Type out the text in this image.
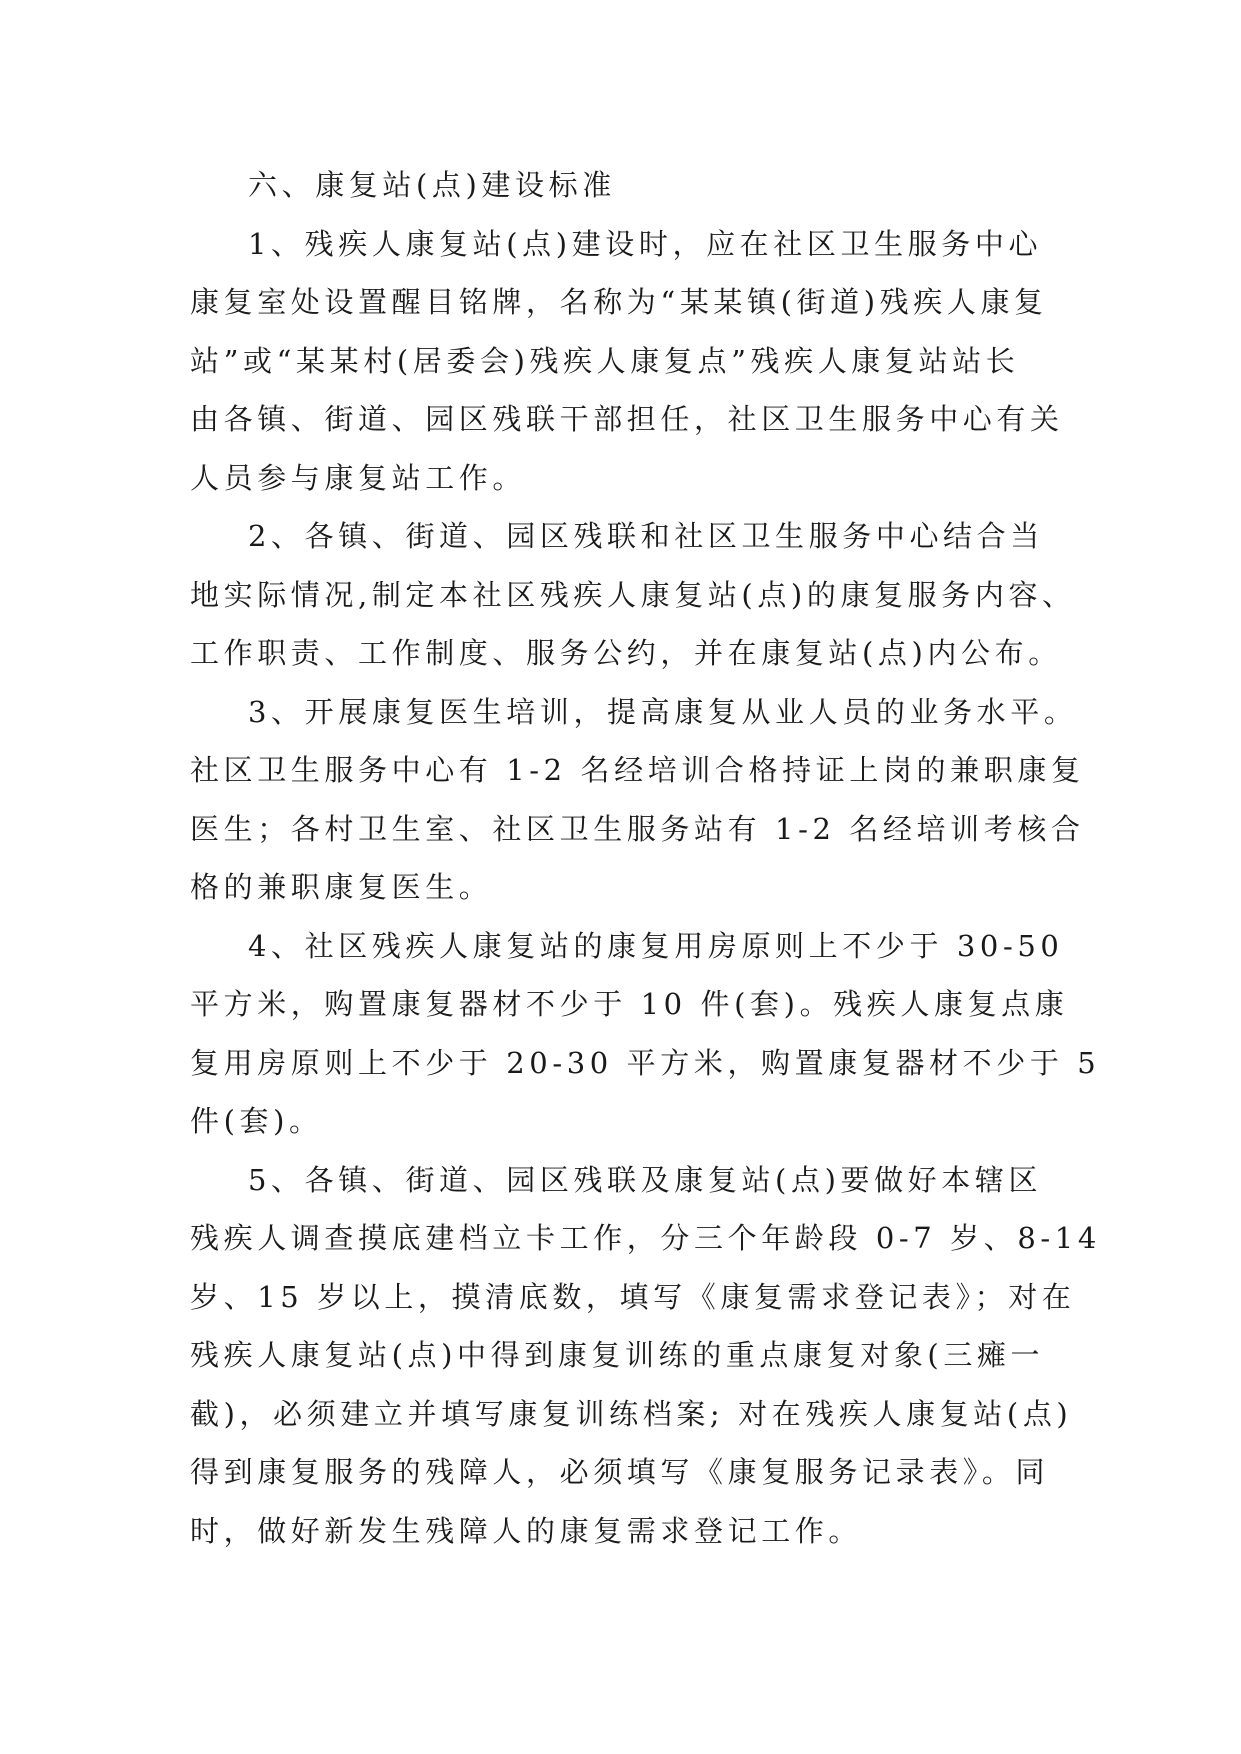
六、康复站(点)建设标准
1、残疾人康复站(点)建设时，应在社区卫生服务中心
康复室处设置醒目铭牌，名称为“某某镇(街道)残疾人康复
站”或“某某村(居委会)残疾人康复点”残疾人康复站站长
由各镇、街道、园区残联干部担任，社区卫生服务中心有关
人员参与康复站工作。
2、各镇、街道、园区残联和社区卫生服务中心结合当
地实际情况,制定本社区残疾人康复站(点)的康复服务内容、
工作职责、工作制度、服务公约，并在康复站(点)内公布。
3、开展康复医生培训，提高康复从业人员的业务水平。
社区卫生服务中心有 1-2 名经培训合格持证上岗的兼职康复
医生；各村卫生室、社区卫生服务站有 1-2 名经培训考核合
格的兼职康复医生。
4、社区残疾人康复站的康复用房原则上不少于 30-50
平方米，购置康复器材不少于 10 件(套)。残疾人康复点康
复用房原则上不少于 20-30 平方米，购置康复器材不少于 5
件(套)。
5、各镇、街道、园区残联及康复站(点)要做好本辖区
残疾人调查摸底建档立卡工作，分三个年龄段 0-7 岁、8-14
岁、15 岁以上，摸清底数，填写《康复需求登记表》；对在
残疾人康复站(点)中得到康复训练的重点康复对象(三瘫一
截)，必须建立并填写康复训练档案; 对在残疾人康复站(点)
得到康复服务的残障人，必须填写《康复服务记录表》。同
时，做好新发生残障人的康复需求登记工作。
